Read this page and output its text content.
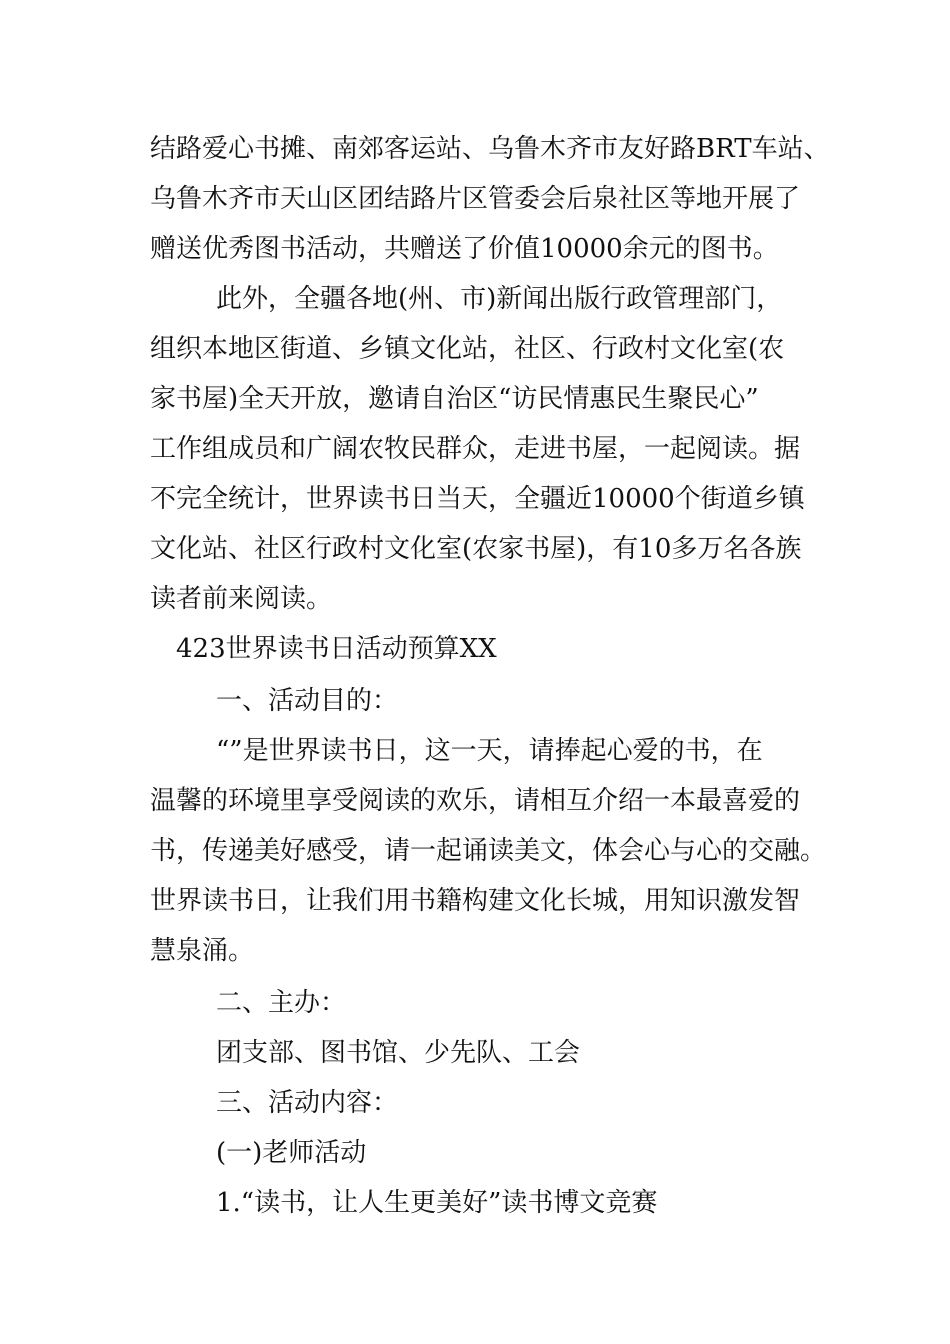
结路爱心书摊、南郊客运站、乌鲁木齐市友好路BRT车站、
乌鲁木齐市天山区团结路片区管委会后泉社区等地开展了
赠送优秀图书活动，共赠送了价值10000余元的图书。
此外，全疆各地(州、市)新闻出版行政管理部门，
组织本地区街道、乡镇文化站，社区、行政村文化室(农
家书屋)全天开放，邀请自治区“访民情惠民生聚民心”
工作组成员和广阔农牧民群众，走进书屋，一起阅读。据
不完全统计，世界读书日当天，全疆近10000个街道乡镇
文化站、社区行政村文化室(农家书屋)，有10多万名各族
读者前来阅读。
423世界读书日活动预算XX
一、活动目的：
“”是世界读书日，这一天，请捧起心爱的书，在
温馨的环境里享受阅读的欢乐，请相互介绍一本最喜爱的
书，传递美好感受，请一起诵读美文，体会心与心的交融。
世界读书日，让我们用书籍构建文化长城，用知识激发智
慧泉涌。
二、主办：
团支部、图书馆、少先队、工会
三、活动内容：
(一)老师活动
1.“读书，让人生更美好”读书博文竞赛
